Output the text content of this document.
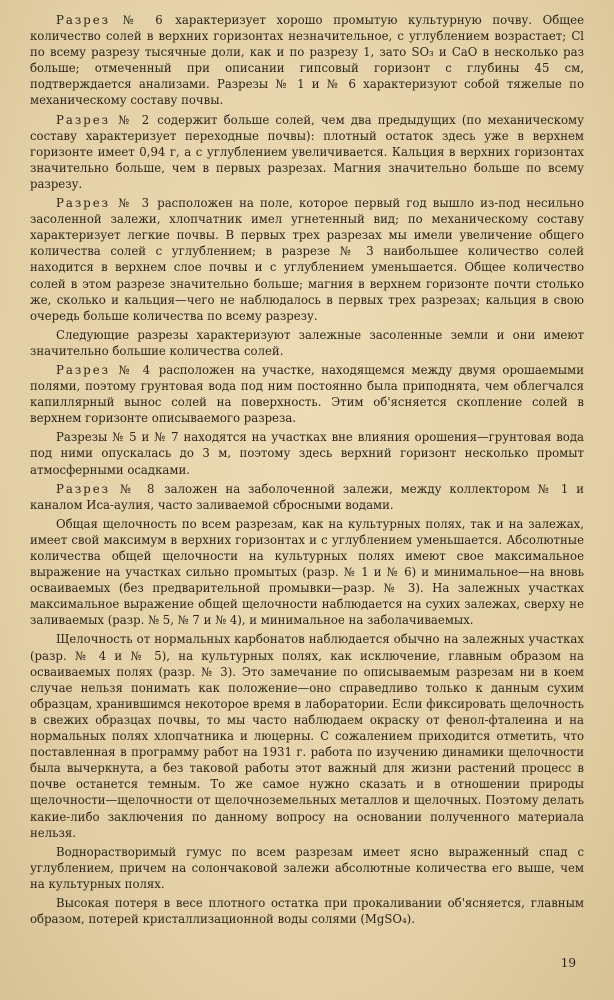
Разрез № 6 характеризует хорошо промытую культурную почву. Общее количество солей в верхних горизонтах незначительное, с углублением возрастает; Cl по всему разрезу тысячные доли, как и по разрезу 1, зато SO₃ и CaO в несколько раз больше; отмеченный при описании гипсовый горизонт с глубины 45 см, подтверждается анализами. Разрезы № 1 и № 6 характеризуют собой тяжелые по механическому составу почвы.

Разрез № 2 содержит больше солей, чем два предыдущих (по механическому составу характеризует переходные почвы): плотный остаток здесь уже в верхнем горизонте имеет 0,94 г, а с углублением увеличивается. Кальция в верхних горизонтах значительно больше, чем в первых разрезах. Магния значительно больше по всему разрезу.

Разрез № 3 расположен на поле, которое первый год вышло из-под несильно засоленной залежи, хлопчатник имел угнетенный вид; по механическому составу характеризует легкие почвы. В первых трех разрезах мы имели увеличение общего количества солей с углублением; в разрезе № 3 наибольшее количество солей находится в верхнем слое почвы и с углублением уменьшается. Общее количество солей в этом разрезе значительно больше; магния в верхнем горизонте почти столько же, сколько и кальция—чего не наблюдалось в первых трех разрезах; кальция в свою очередь больше количества по всему разрезу.

Следующие разрезы характеризуют залежные засоленные земли и они имеют значительно большие количества солей.

Разрез № 4 расположен на участке, находящемся между двумя орошаемыми полями, поэтому грунтовая вода под ним постоянно была приподнята, чем облегчался капиллярный вынос солей на поверхность. Этим об'ясняется скопление солей в верхнем горизонте описываемого разреза.

Разрезы № 5 и № 7 находятся на участках вне влияния орошения—грунтовая вода под ними опускалась до 3 м, поэтому здесь верхний горизонт несколько промыт атмосферными осадками.

Разрез № 8 заложен на заболоченной залежи, между коллектором № 1 и каналом Иса-аулия, часто заливаемой сбросными водами.

Общая щелочность по всем разрезам, как на культурных полях, так и на залежах, имеет свой максимум в верхних горизонтах и с углублением уменьшается. Абсолютные количества общей щелочности на культурных полях имеют свое максимальное выражение на участках сильно промытых (разр. № 1 и № 6) и минимальное—на вновь осваиваемых (без предварительной промывки—разр. № 3). На залежных участках максимальное выражение общей щелочности наблюдается на сухих залежах, сверху не заливаемых (разр. № 5, № 7 и № 4), и минимальное на заболачиваемых.

Щелочность от нормальных карбонатов наблюдается обычно на залежных участках (разр. № 4 и № 5), на культурных полях, как исключение, главным образом на осваиваемых полях (разр. № 3). Это замечание по описываемым разрезам ни в коем случае нельзя понимать как положение—оно справедливо только к данным сухим образцам, хранившимся некоторое время в лаборатории. Если фиксировать щелочность в свежих образцах почвы, то мы часто наблюдаем окраску от фенол-фталеина и на нормальных полях хлопчатника и люцерны. С сожалением приходится отметить, что поставленная в программу работ на 1931 г. работа по изучению динамики щелочности была вычеркнута, а без таковой работы этот важный для жизни растений процесс в почве останется темным. То же самое нужно сказать и в отношении природы щелочности—щелочности от щелочноземельных металлов и щелочных. Поэтому делать какие-либо заключения по данному вопросу на основании полученного материала нельзя.

Воднорастворимый гумус по всем разрезам имеет ясно выраженный спад с углублением, причем на солончаковой залежи абсолютные количества его выше, чем на культурных полях.

Высокая потеря в весе плотного остатка при прокаливании об'ясняется, главным образом, потерей кристаллизационной воды солями (MgSO₄).

19
